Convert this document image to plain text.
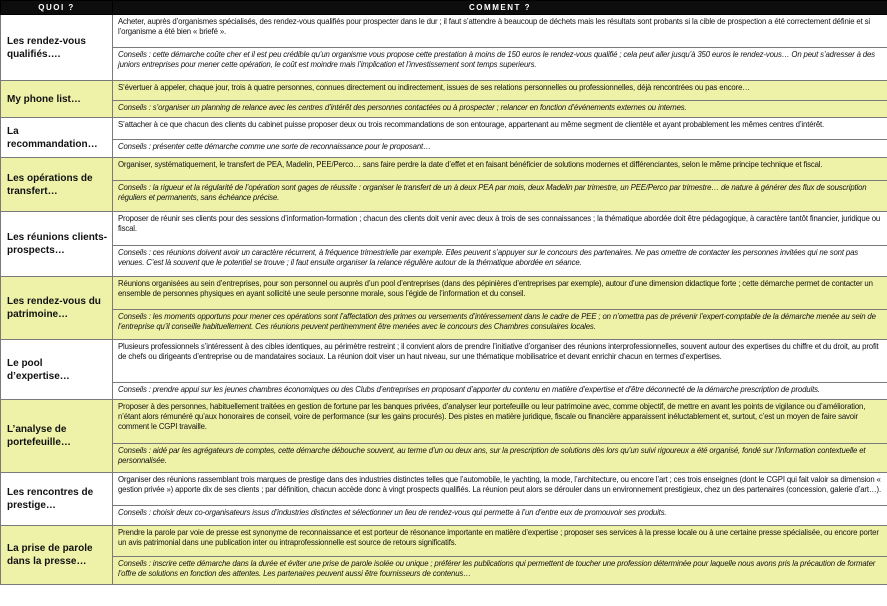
QUOI ?	COMMENT ?
Les rendez-vous qualifiés….	Acheter, auprès d’organismes spécialisés, des rendez-vous qualifiés pour prospecter dans le dur ; il faut s’attendre à beaucoup de déchets mais les résultats sont probants si la cible de prospection a été correctement définie et si l’organisme a été bien « briefé ».
	Conseils : cette démarche coûte cher et il est peu crédible qu’un organisme vous propose cette prestation à moins de 150 euros le rendez-vous qualifié ; cela peut aller jusqu’à 350 euros le rendez-vous… On peut s’adresser à des juniors entreprises pour mener cette opération, le coût est moindre mais l’implication et l’investissement sont temps superieurs.
My phone list…	S’évertuer à appeler, chaque jour, trois à quatre personnes, connues directement ou indirectement, issues de ses relations personnelles ou professionnelles, déjà rencontrées ou pas encore…
	Conseils : s’organiser un planning de relance avec les centres d’intérêt des personnes contactées ou à prospecter ; relancer en fonction d’événements externes ou internes.
La recommandation…	S’attacher à ce que chacun des clients du cabinet puisse proposer deux ou trois recommandations de son entourage, appartenant au même segment de clientèle et ayant probablement les mêmes centres d’intérêt.
	Conseils : présenter cette démarche comme une sorte de reconnaissance pour le proposant…
Les opérations de transfert…	Organiser, systématiquement, le transfert de PEA, Madelin, PEE/Perco… sans faire perdre la date d’effet et en faisant bénéficier de solutions modernes et différenciantes, selon le même principe technique et fiscal.
	Conseils : la rigueur et la régularité de l’opération sont gages de réussite : organiser le transfert de un à deux PEA par mois, deux Madelin par trimestre, un PEE/Perco par trimestre… de nature à générer des flux de souscription réguliers et permanents, sans échéance précise.
Les réunions clients-prospects…	Proposer de réunir ses clients pour des sessions d’information-formation ; chacun des clients doit venir avec deux à trois de ses connaissances ; la thématique abordée doit être pédagogique, à caractère tantôt financier, juridique ou fiscal.
	Conseils : ces réunions doivent avoir un caractère récurrent, à fréquence trimestrielle par exemple. Elles peuvent s’appuyer sur le concours des partenaires. Ne pas omettre de contacter les personnes invitées qui ne sont pas venues. C’est là souvent que le potentiel se trouve ; il faut ensuite organiser la relance régulière autour de la thématique abordée en séance.
Les rendez-vous du patrimoine…	Réunions organisées au sein d’entreprises, pour son personnel ou auprès d’un pool d’entreprises (dans des pépinières d’entreprises par exemple), autour d’une dimension didactique forte ; cette démarche permet de contacter un ensemble de personnes physiques en ayant sollicité une seule personne morale, sous l’égide de l’information et du conseil.
	Conseils : les moments opportuns pour mener ces opérations sont l’affectation des primes ou versements d’intéressement dans le cadre de PEE ; on n’omettra pas de prévenir l’expert-comptable de la démarche menée au sein de l’entreprise qu’il conseille habituellement. Ces réunions peuvent pertinemment être menées avec le concours des Chambres consulaires locales.
Le pool d’expertise…	Plusieurs professionnels s’intéressent à des cibles identiques, au périmètre restreint ; il convient alors de prendre l’initiative d’organiser des réunions interprofessionnelles, souvent autour des expertises du chiffre et du droit, au profit de chefs ou dirigeants d’entreprise ou de mandataires sociaux. La réunion doit viser un haut niveau, sur une thématique mobilisatrice et devant enrichir chacun en termes d’expertises.
	Conseils : prendre appui sur les jeunes chambres économiques ou des Clubs d’entreprises en proposant d’apporter du contenu en matière d’expertise et d’être déconnecté de la démarche prescription de produits.
L’analyse de portefeuille…	Proposer à des personnes, habituellement traitées en gestion de fortune par les banques privées, d’analyser leur portefeuille ou leur patrimoine avec, comme objectif, de mettre en avant les points de vigilance ou d’amélioration, n’étant alors rémunéré qu’aux honoraires de conseil, voire de performance (sur les gains procurés). Des pistes en matière juridique, fiscale ou financière apparaissent inéluctablement et, surtout, c’est un moyen de faire savoir comment le CGPI travaille.
	Conseils : aidé par les agrégateurs de comptes, cette démarche débouche souvent, au terme d’un ou deux ans, sur la prescription de solutions dès lors qu’un suivi rigoureux a été organisé, fondé sur l’information contextuelle et personnalisée.
Les rencontres de prestige…	Organiser des réunions rassemblant trois marques de prestige dans des industries distinctes telles que l’automobile, le yachting, la mode, l’architecture, ou encore l’art ; ces trois enseignes (dont le CGPI qui fait valoir sa dimension « gestion privée ») apporte dix de ses clients ; par définition, chacun accède donc à vingt prospects qualifiés. La réunion peut alors se dérouler dans un environnement prestigieux, chez un des partenaires (concession, galerie d’art…).
	Conseils : choisir deux co-organisateurs issus d’industries distinctes et sélectionner un lieu de rendez-vous qui permette à l’un d’entre eux de promouvoir ses produits.
La prise de parole dans la presse…	Prendre la parole par voie de presse est synonyme de reconnaissance et est porteur de résonance importante en matière d’expertise ; proposer ses services à la presse locale ou à une certaine presse spécialisée, ou encore porter un avis patrimonial dans une publication inter ou intraprofessionnelle est source de retours significatifs.
	Conseils : inscrire cette démarche dans la durée et éviter une prise de parole isolée ou unique ; préférer les publications qui permettent de toucher une profession déterminée pour laquelle nous avons pris la précaution de formater l’offre de solutions en fonction des attentes. Les partenaires peuvent aussi être fournisseurs de contenus…
